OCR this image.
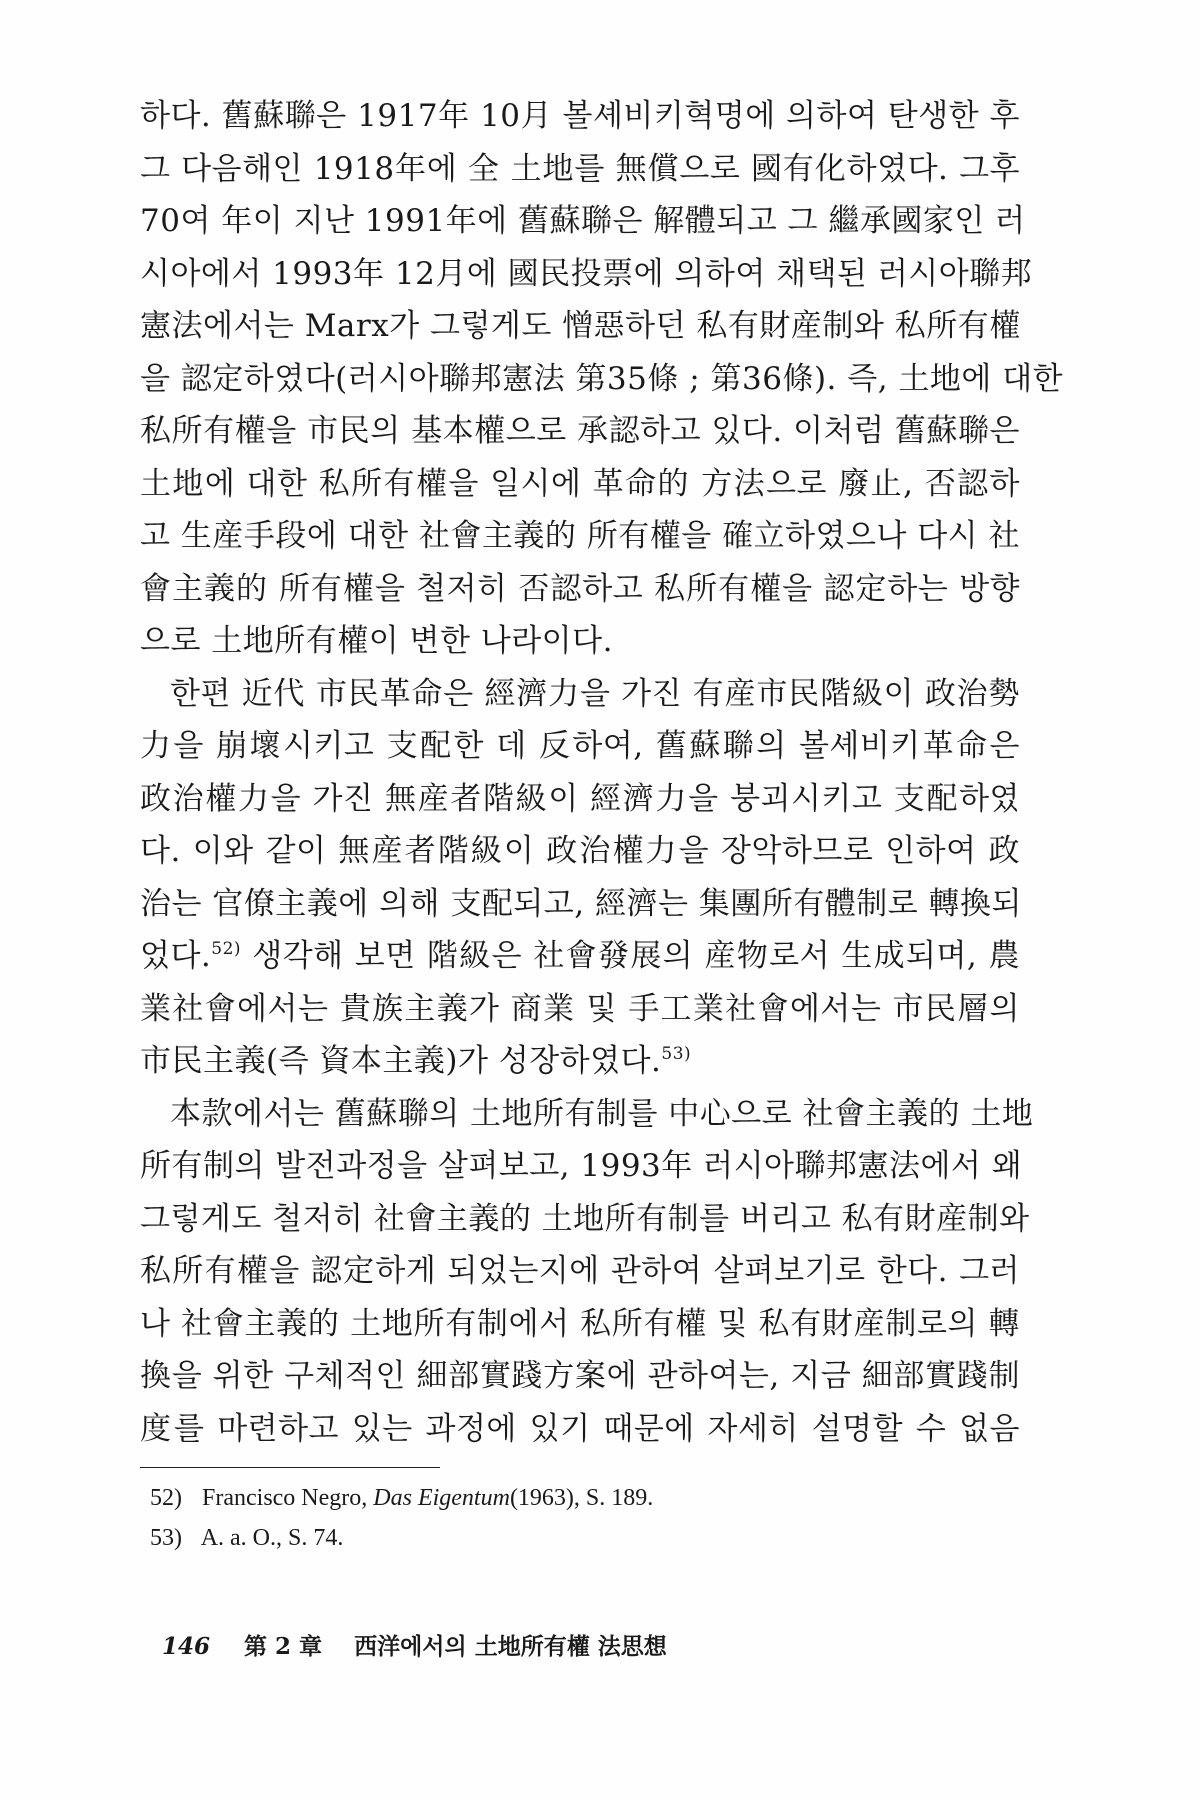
하다. 舊蘇聯은 1917年 10月 볼셰비키혁명에 의하여 탄생한 후
그 다음해인 1918年에 全 土地를 無償으로 國有化하였다. 그후
70여 年이 지난 1991年에 舊蘇聯은 解體되고 그 繼承國家인 러
시아에서 1993年 12月에 國民投票에 의하여 채택된 러시아聯邦
憲法에서는 Marx가 그렇게도 憎惡하던 私有財産制와 私所有權
을 認定하였다(러시아聯邦憲法 第35條 ; 第36條). 즉, 土地에 대한
私所有權을 市民의 基本權으로 承認하고 있다. 이처럼 舊蘇聯은
土地에 대한 私所有權을 일시에 革命的 方法으로 廢止, 否認하
고 生産手段에 대한 社會主義的 所有權을 確立하였으나 다시 社
會主義的 所有權을 철저히 否認하고 私所有權을 認定하는 방향
으로 土地所有權이 변한 나라이다.
한편 近代 市民革命은 經濟力을 가진 有産市民階級이 政治勢
力을 崩壞시키고 支配한 데 反하여, 舊蘇聯의 볼셰비키革命은
政治權力을 가진 無産者階級이 經濟力을 붕괴시키고 支配하였
다. 이와 같이 無産者階級이 政治權力을 장악하므로 인하여 政
治는 官僚主義에 의해 支配되고, 經濟는 集團所有體制로 轉換되
었다.$^{52)}$ 생각해 보면 階級은 社會發展의 産物로서 生成되며, 農
業社會에서는 貴族主義가 商業 및 手工業社會에서는 市民層의
市民主義(즉 資本主義)가 성장하였다.$^{53)}$
本款에서는 舊蘇聯의 土地所有制를 中心으로 社會主義的 土地
所有制의 발전과정을 살펴보고, 1993年 러시아聯邦憲法에서 왜
그렇게도 철저히 社會主義的 土地所有制를 버리고 私有財産制와
私所有權을 認定하게 되었는지에 관하여 살펴보기로 한다. 그러
나 社會主義的 土地所有制에서 私所有權 및 私有財産制로의 轉
換을 위한 구체적인 細部實踐方案에 관하여는, 지금 細部實踐制
度를 마련하고 있는 과정에 있기 때문에 자세히 설명할 수 없음
52) Francisco Negro, Das Eigentum(1963), S. 189.
53) A. a. O., S. 74.
146 第 2 章 西洋에서의 土地所有權 法思想
